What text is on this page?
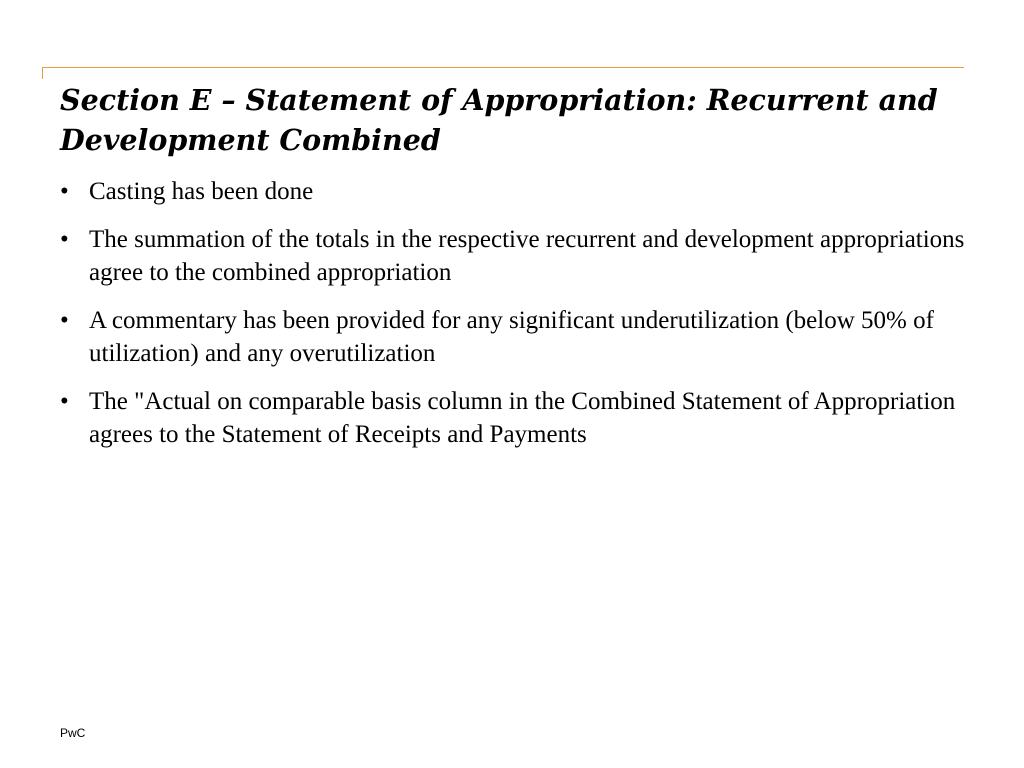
Section E – Statement of Appropriation: Recurrent and Development Combined
• Casting has been done
• The summation of the totals in the respective recurrent and development appropriations agree to the combined appropriation
• A commentary has been provided for any significant underutilization (below 50% of utilization) and any overutilization
• The "Actual on comparable basis column in the Combined Statement of Appropriation agrees to the Statement of Receipts and Payments
PwC
